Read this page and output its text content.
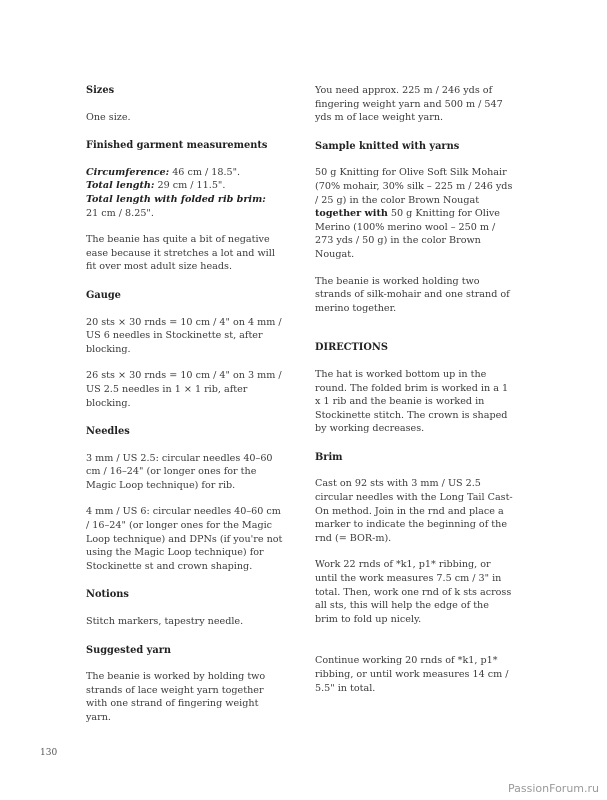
Sizes

One size.

Finished garment measurements

Circumference: 46 cm / 18.5".

Total length: 29 cm / 11.5".

Total length with folded rib brim:

21 cm / 8.25".

The beanie has quite a bit of negative ease because it stretches a lot and will fit over most adult size heads.

Gauge

20 sts × 30 rnds = 10 cm / 4" on 4 mm / US 6 needles in Stockinette st, after blocking.

26 sts × 30 rnds = 10 cm / 4" on 3 mm / US 2.5 needles in 1 × 1 rib, after blocking.

Needles

3 mm / US 2.5: circular needles 40–60 cm / 16–24" (or longer ones for the Magic Loop technique) for rib.

4 mm / US 6: circular needles 40–60 cm / 16–24" (or longer ones for the Magic Loop technique) and DPNs (if you're not using the Magic Loop technique) for Stockinette st and crown shaping.

Notions

Stitch markers, tapestry needle.

Suggested yarn

The beanie is worked by holding two strands of lace weight yarn together with one strand of fingering weight yarn.

You need approx. 225 m / 246 yds of fingering weight yarn and 500 m / 547 yds m of lace weight yarn.

Sample knitted with yarns

50 g Knitting for Olive Soft Silk Mohair (70% mohair, 30% silk – 225 m / 246 yds / 25 g) in the color Brown Nougat together with 50 g Knitting for Olive Merino (100% merino wool – 250 m / 273 yds / 50 g) in the color Brown Nougat.

The beanie is worked holding two strands of silk-mohair and one strand of merino together.

DIRECTIONS

The hat is worked bottom up in the round. The folded brim is worked in a 1 x 1 rib and the beanie is worked in Stockinette stitch. The crown is shaped by working decreases.

Brim

Cast on 92 sts with 3 mm / US 2.5 circular needles with the Long Tail Cast-On method. Join in the rnd and place a marker to indicate the beginning of the rnd (= BOR-m).

Work 22 rnds of *k1, p1* ribbing, or until the work measures 7.5 cm / 3" in total. Then, work one rnd of k sts across all sts, this will help the edge of the brim to fold up nicely.

Continue working 20 rnds of *k1, p1* ribbing, or until work measures 14 cm / 5.5" in total.

130
PassionForum.ru
